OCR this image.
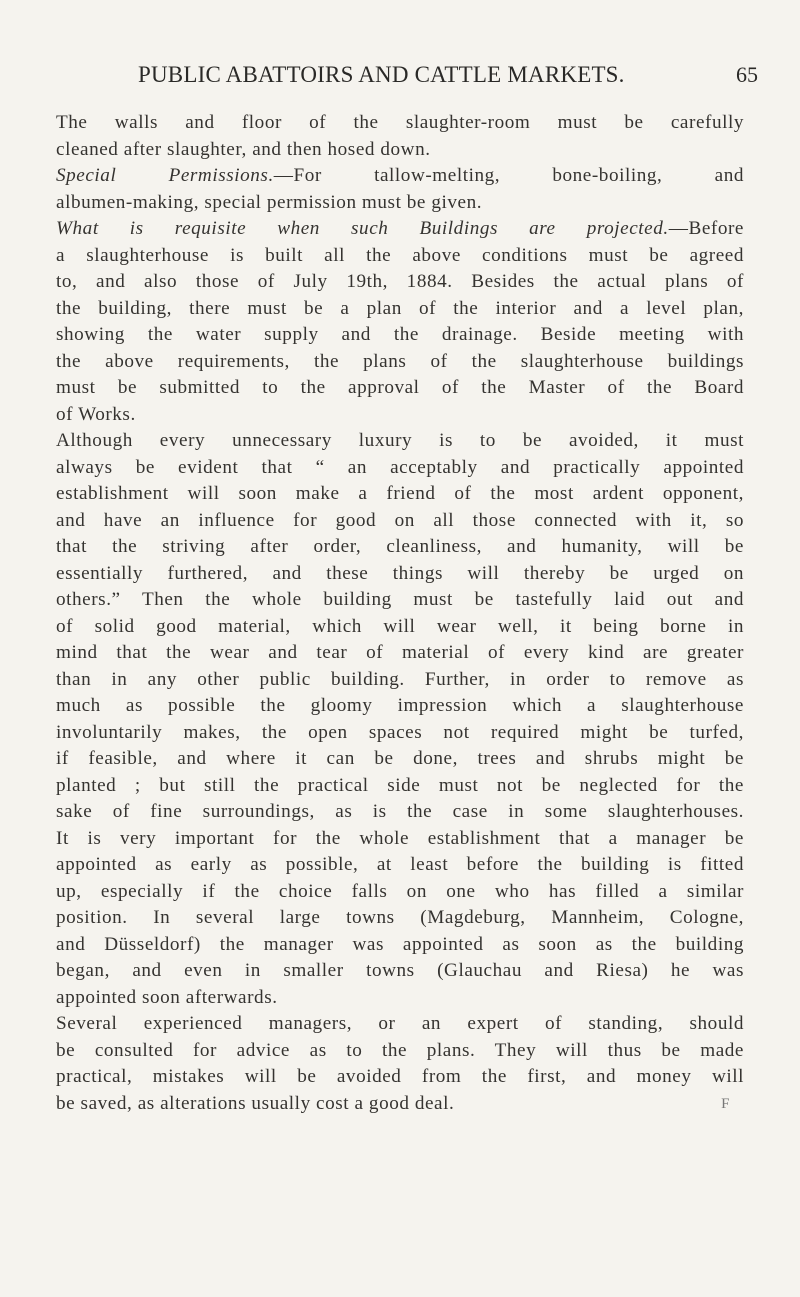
PUBLIC ABATTOIRS AND CATTLE MARKETS.	65
The walls and floor of the slaughter-room must be carefully
cleaned after slaughter, and then hosed down.
Special Permissions.—For tallow-melting, bone-boiling, and
albumen-making, special permission must be given.
What is requisite when such Buildings are projected.—Before
a slaughterhouse is built all the above conditions must be agreed
to, and also those of July 19th, 1884. Besides the actual plans of
the building, there must be a plan of the interior and a level plan,
showing the water supply and the drainage. Beside meeting with
the above requirements, the plans of the slaughterhouse buildings
must be submitted to the approval of the Master of the Board
of Works.
Although every unnecessary luxury is to be avoided, it must
always be evident that “ an acceptably and practically appointed
establishment will soon make a friend of the most ardent opponent,
and have an influence for good on all those connected with it, so
that the striving after order, cleanliness, and humanity, will be
essentially furthered, and these things will thereby be urged on
others.” Then the whole building must be tastefully laid out and
of solid good material, which will wear well, it being borne in
mind that the wear and tear of material of every kind are greater
than in any other public building. Further, in order to remove as
much as possible the gloomy impression which a slaughterhouse
involuntarily makes, the open spaces not required might be turfed,
if feasible, and where it can be done, trees and shrubs might be
planted ; but still the practical side must not be neglected for the
sake of fine surroundings, as is the case in some slaughterhouses.
It is very important for the whole establishment that a manager be
appointed as early as possible, at least before the building is fitted
up, especially if the choice falls on one who has filled a similar
position. In several large towns (Magdeburg, Mannheim, Cologne,
and Düsseldorf) the manager was appointed as soon as the building
began, and even in smaller towns (Glauchau and Riesa) he was
appointed soon afterwards.
Several experienced managers, or an expert of standing, should
be consulted for advice as to the plans. They will thus be made
practical, mistakes will be avoided from the first, and money will
be saved, as alterations usually cost a good deal.	F
